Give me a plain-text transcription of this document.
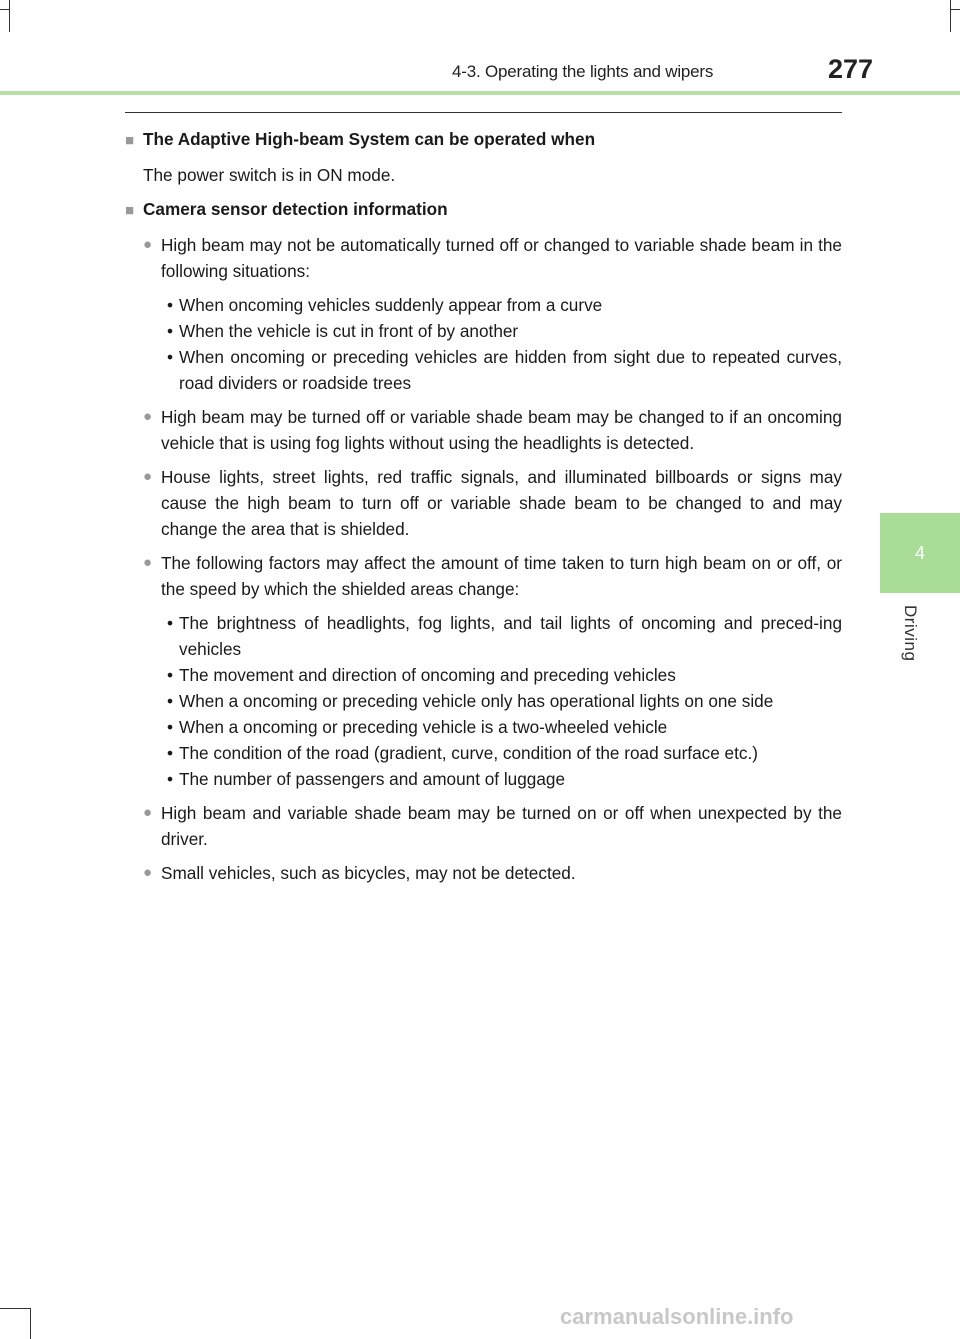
4-3. Operating the lights and wipers	277
4
Driving
■ The Adaptive High-beam System can be operated when
The power switch is in ON mode.
■ Camera sensor detection information
● High beam may not be automatically turned off or changed to variable shade beam in the following situations:
• When oncoming vehicles suddenly appear from a curve
• When the vehicle is cut in front of by another
• When oncoming or preceding vehicles are hidden from sight due to repeated curves, road dividers or roadside trees
● High beam may be turned off or variable shade beam may be changed to if an oncoming vehicle that is using fog lights without using the headlights is detected.
● House lights, street lights, red traffic signals, and illuminated billboards or signs may cause the high beam to turn off or variable shade beam to be changed to and may change the area that is shielded.
● The following factors may affect the amount of time taken to turn high beam on or off, or the speed by which the shielded areas change:
• The brightness of headlights, fog lights, and tail lights of oncoming and preced-ing vehicles
• The movement and direction of oncoming and preceding vehicles
• When a oncoming or preceding vehicle only has operational lights on one side
• When a oncoming or preceding vehicle is a two-wheeled vehicle
• The condition of the road (gradient, curve, condition of the road surface etc.)
• The number of passengers and amount of luggage
● High beam and variable shade beam may be turned on or off when unexpected by the driver.
● Small vehicles, such as bicycles, may not be detected.
carmanualsonline.info
